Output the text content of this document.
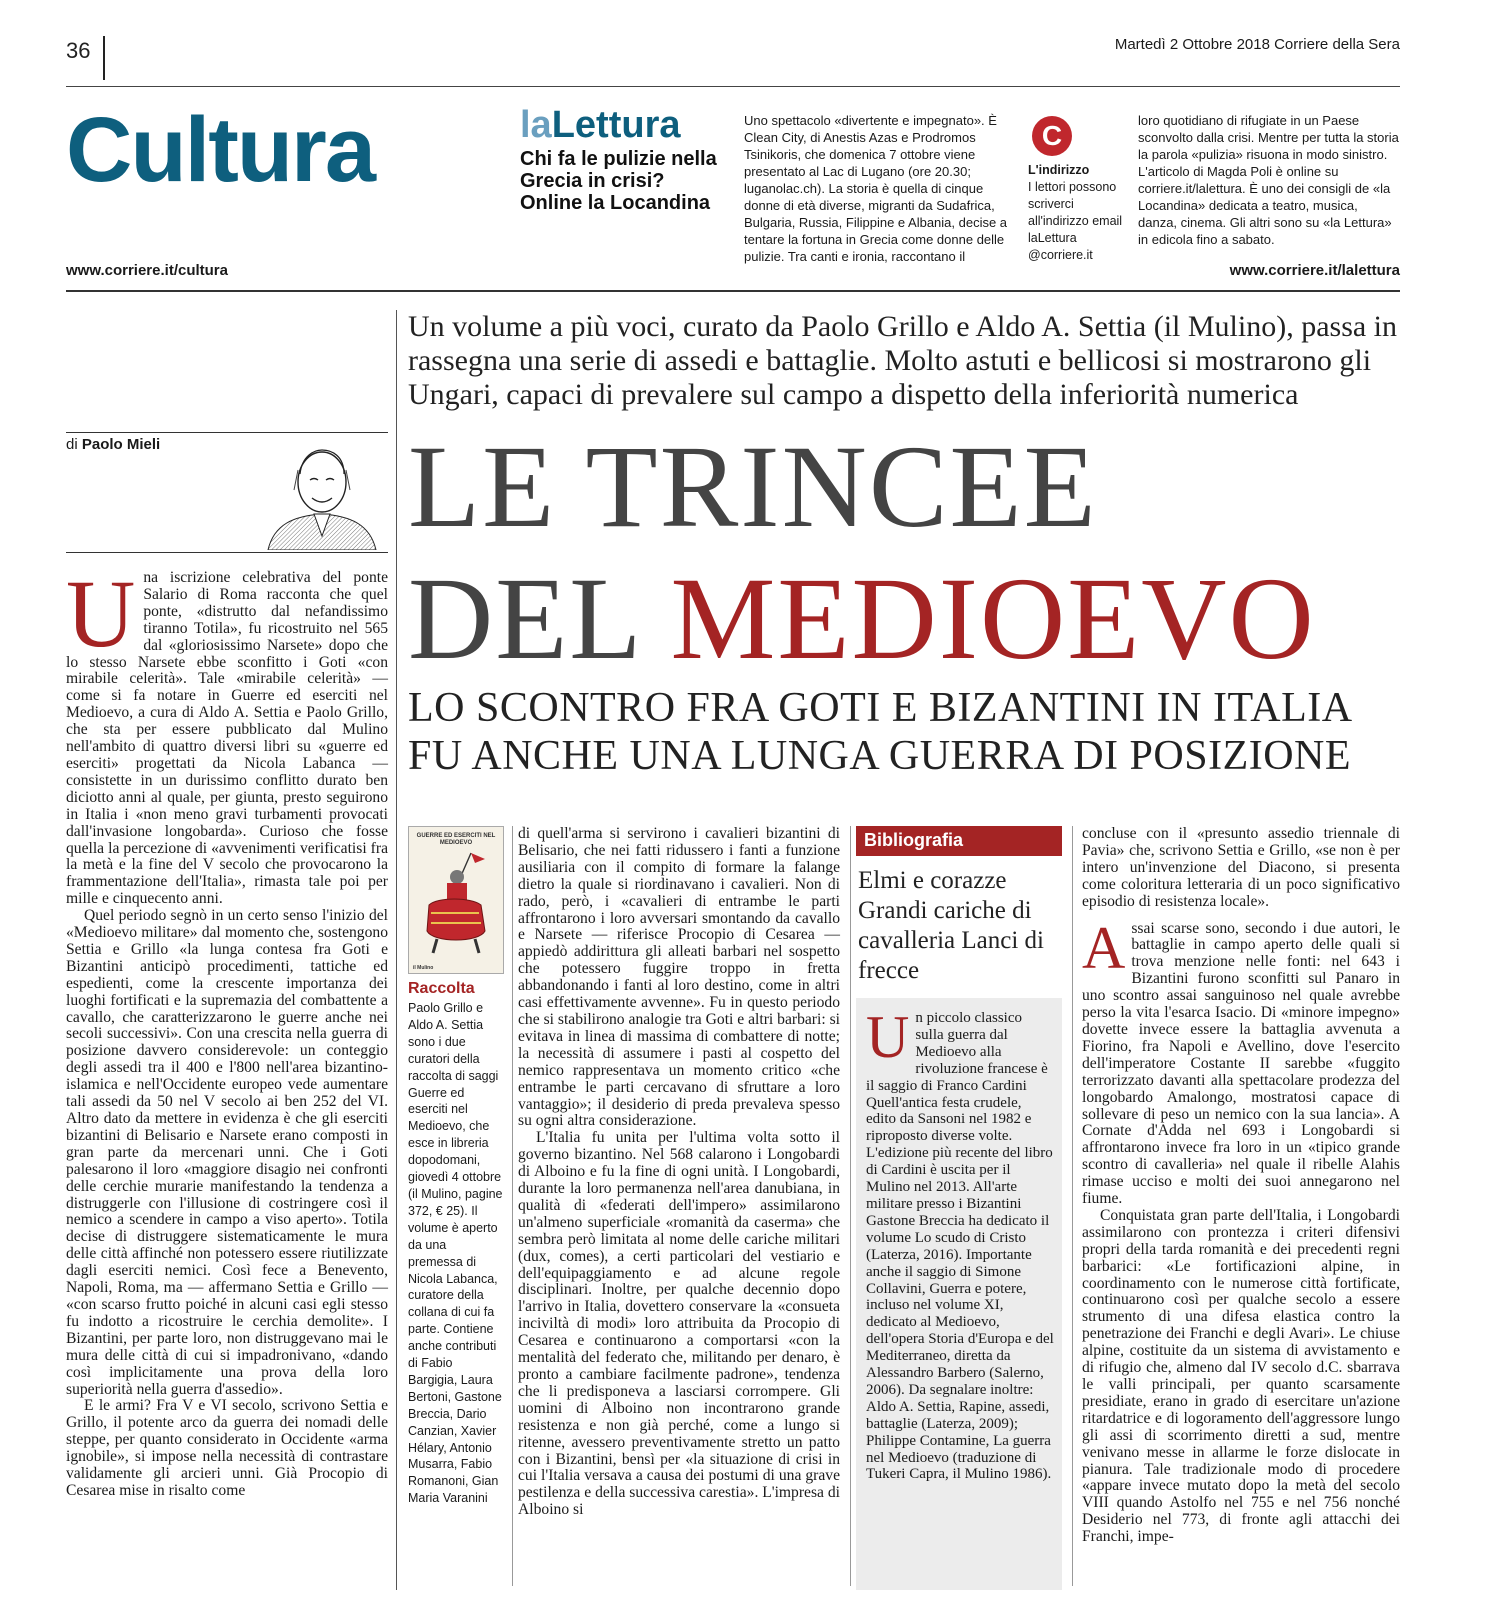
36	Martedì 2 Ottobre 2018 Corriere della Sera
Cultura	laLettura
Chi fa le pulizie nella Grecia in crisi? Online la Locandina
Uno spettacolo «divertente e impegnato». È Clean City, di Anestis Azas e Prodromos Tsinikoris, che domenica 7 ottobre viene presentato al Lac di Lugano (ore 20.30; luganolac.ch). La storia è quella di cinque donne di età diverse, migranti da Sudafrica, Bulgaria, Russia, Filippine e Albania, decise a tentare la fortuna in Grecia come donne delle pulizie. Tra canti e ironia, raccontano il
C
L'indirizzo
I lettori possono scriverci all'indirizzo email laLettura @corriere.it
loro quotidiano di rifugiate in un Paese sconvolto dalla crisi. Mentre per tutta la storia la parola «pulizia» risuona in modo sinistro. L'articolo di Magda Poli è online su corriere.it/lalettura. È uno dei consigli de «la Locandina» dedicata a teatro, musica, danza, cinema. Gli altri sono su «la Lettura» in edicola fino a sabato.
www.corriere.it/cultura	www.corriere.it/lalettura
Un volume a più voci, curato da Paolo Grillo e Aldo A. Settia (il Mulino), passa in rassegna una serie di assedi e battaglie. Molto astuti e bellicosi si mostrarono gli Ungari, capaci di prevalere sul campo a dispetto della inferiorità numerica
LE TRINCEE
DEL MEDIOEVO
LO SCONTRO FRA GOTI E BIZANTINI IN ITALIA FU ANCHE UNA LUNGA GUERRA DI POSIZIONE
di Paolo Mieli

Una iscrizione celebrativa del ponte Salario di Roma racconta che quel ponte, «distrutto dal nefandissimo tiranno Totila», fu ricostruito nel 565 dal «gloriosissimo Narsete» dopo che lo stesso Narsete ebbe sconfitto i Goti «con mirabile celerità». Tale «mirabile celerità» — come si fa notare in Guerre ed eserciti nel Medioevo, a cura di Aldo A. Settia e Paolo Grillo, che sta per essere pubblicato dal Mulino nell'ambito di quattro diversi libri su «guerre ed eserciti» progettati da Nicola Labanca — consistette in un durissimo conflitto durato ben diciotto anni al quale, per giunta, presto seguirono in Italia i «non meno gravi turbamenti provocati dall'invasione longobarda». Curioso che fosse quella la percezione di «avvenimenti verificatisi fra la metà e la fine del V secolo che provocarono la frammentazione dell'Italia», rimasta tale poi per mille e cinquecento anni.

Quel periodo segnò in un certo senso l'inizio del «Medioevo militare» dal momento che, sostengono Settia e Grillo «la lunga contesa fra Goti e Bizantini anticipò procedimenti, tattiche ed espedienti, come la crescente importanza dei luoghi fortificati e la supremazia del combattente a cavallo, che caratterizzarono le guerre anche nei secoli successivi». Con una crescita nella guerra di posizione davvero considerevole: un conteggio degli assedi tra il 400 e l'800 nell'area bizantino-islamica e nell'Occidente europeo vede aumentare tali assedi da 50 nel V secolo ai ben 252 del VI. Altro dato da mettere in evidenza è che gli eserciti bizantini di Belisario e Narsete erano composti in gran parte da mercenari unni. Che i Goti palesarono il loro «maggiore disagio nei confronti delle cerchie murarie manifestando la tendenza a distruggerle con l'illusione di costringere così il nemico a scendere in campo a viso aperto». Totila decise di distruggere sistematicamente le mura delle città affinché non potessero essere riutilizzate dagli eserciti nemici. Così fece a Benevento, Napoli, Roma, ma — affermano Settia e Grillo — «con scarso frutto poiché in alcuni casi egli stesso fu indotto a ricostruire le cerchia demolite». I Bizantini, per parte loro, non distruggevano mai le mura delle città di cui si impadronivano, «dando così implicitamente una prova della loro superiorità nella guerra d'assedio».

E le armi? Fra V e VI secolo, scrivono Settia e Grillo, il potente arco da guerra dei nomadi delle steppe, per quanto considerato in Occidente «arma ignobile», si impose nella necessità di contrastare validamente gli arcieri unni. Già Procopio di Cesarea mise in risalto come

GUERRE ED ESERCITI NEL MEDIOEVO
il Mulino
Raccolta
Paolo Grillo e Aldo A. Settia sono i due curatori della raccolta di saggi Guerre ed eserciti nel Medioevo, che esce in libreria dopodomani, giovedì 4 ottobre (il Mulino, pagine 372, € 25). Il volume è aperto da una premessa di Nicola Labanca, curatore della collana di cui fa parte. Contiene anche contributi di Fabio Bargigia, Laura Bertoni, Gastone Breccia, Dario Canzian, Xavier Hélary, Antonio Musarra, Fabio Romanoni, Gian Maria Varanini

di quell'arma si servirono i cavalieri bizantini di Belisario, che nei fatti ridussero i fanti a funzione ausiliaria con il compito di formare la falange dietro la quale si riordinavano i cavalieri. Non di rado, però, i «cavalieri di entrambe le parti affrontarono i loro avversari smontando da cavallo e Narsete — riferisce Procopio di Cesarea — appiedò addirittura gli alleati barbari nel sospetto che potessero fuggire troppo in fretta abbandonando i fanti al loro destino, come in altri casi effettivamente avvenne». Fu in questo periodo che si stabilirono analogie tra Goti e altri barbari: si evitava in linea di massima di combattere di notte; la necessità di assumere i pasti al cospetto del nemico rappresentava un momento critico «che entrambe le parti cercavano di sfruttare a loro vantaggio»; il desiderio di preda prevaleva spesso su ogni altra considerazione.

L'Italia fu unita per l'ultima volta sotto il governo bizantino. Nel 568 calarono i Longobardi di Alboino e fu la fine di ogni unità. I Longobardi, durante la loro permanenza nell'area danubiana, in qualità di «federati dell'impero» assimilarono un'almeno superficiale «romanità da caserma» che sembra però limitata al nome delle cariche militari (dux, comes), a certi particolari del vestiario e dell'equipaggiamento e ad alcune regole disciplinari. Inoltre, per qualche decennio dopo l'arrivo in Italia, dovettero conservare la «consueta inciviltà di modi» loro attribuita da Procopio di Cesarea e continuarono a comportarsi «con la mentalità del federato che, militando per denaro, è pronto a cambiare facilmente padrone», tendenza che li predisponeva a lasciarsi corrompere. Gli uomini di Alboino non incontrarono grande resistenza e non già perché, come a lungo si ritenne, avessero preventivamente stretto un patto con i Bizantini, bensì per «la situazione di crisi in cui l'Italia versava a causa dei postumi di una grave pestilenza e della successiva carestia». L'impresa di Alboino si

Bibliografia
Elmi e corazze Grandi cariche di cavalleria Lanci di frecce

Un piccolo classico sulla guerra dal Medioevo alla rivoluzione francese è il saggio di Franco Cardini Quell'antica festa crudele, edito da Sansoni nel 1982 e riproposto diverse volte. L'edizione più recente del libro di Cardini è uscita per il Mulino nel 2013. All'arte militare presso i Bizantini Gastone Breccia ha dedicato il volume Lo scudo di Cristo (Laterza, 2016). Importante anche il saggio di Simone Collavini, Guerra e potere, incluso nel volume XI, dedicato al Medioevo, dell'opera Storia d'Europa e del Mediterraneo, diretta da Alessandro Barbero (Salerno, 2006). Da segnalare inoltre: Aldo A. Settia, Rapine, assedi, battaglie (Laterza, 2009); Philippe Contamine, La guerra nel Medioevo (traduzione di Tukeri Capra, il Mulino 1986).

concluse con il «presunto assedio triennale di Pavia» che, scrivono Settia e Grillo, «se non è per intero un'invenzione del Diacono, si presenta come coloritura letteraria di un poco significativo episodio di resistenza locale».

Assai scarse sono, secondo i due autori, le battaglie in campo aperto delle quali si trova menzione nelle fonti: nel 643 i Bizantini furono sconfitti sul Panaro in uno scontro assai sanguinoso nel quale avrebbe perso la vita l'esarca Isacio. Di «minore impegno» dovette invece essere la battaglia avvenuta a Fiorino, fra Napoli e Avellino, dove l'esercito dell'imperatore Costante II sarebbe «fuggito terrorizzato davanti alla spettacolare prodezza del longobardo Amalongo, mostratosi capace di sollevare di peso un nemico con la sua lancia». A Cornate d'Adda nel 693 i Longobardi si affrontarono invece fra loro in un «tipico grande scontro di cavalleria» nel quale il ribelle Alahis rimase ucciso e molti dei suoi annegarono nel fiume.

Conquistata gran parte dell'Italia, i Longobardi assimilarono con prontezza i criteri difensivi propri della tarda romanità e dei precedenti regni barbarici: «Le fortificazioni alpine, in coordinamento con le numerose città fortificate, continuarono così per qualche secolo a essere strumento di una difesa elastica contro la penetrazione dei Franchi e degli Avari». Le chiuse alpine, costituite da un sistema di avvistamento e di rifugio che, almeno dal IV secolo d.C. sbarrava le valli principali, per quanto scarsamente presidiate, erano in grado di esercitare un'azione ritardatrice e di logoramento dell'aggressore lungo gli assi di scorrimento diretti a sud, mentre venivano messe in allarme le forze dislocate in pianura. Tale tradizionale modo di procedere «appare invece mutato dopo la metà del secolo VIII quando Astolfo nel 755 e nel 756 nonché Desiderio nel 773, di fronte agli attacchi dei Franchi, impe-
